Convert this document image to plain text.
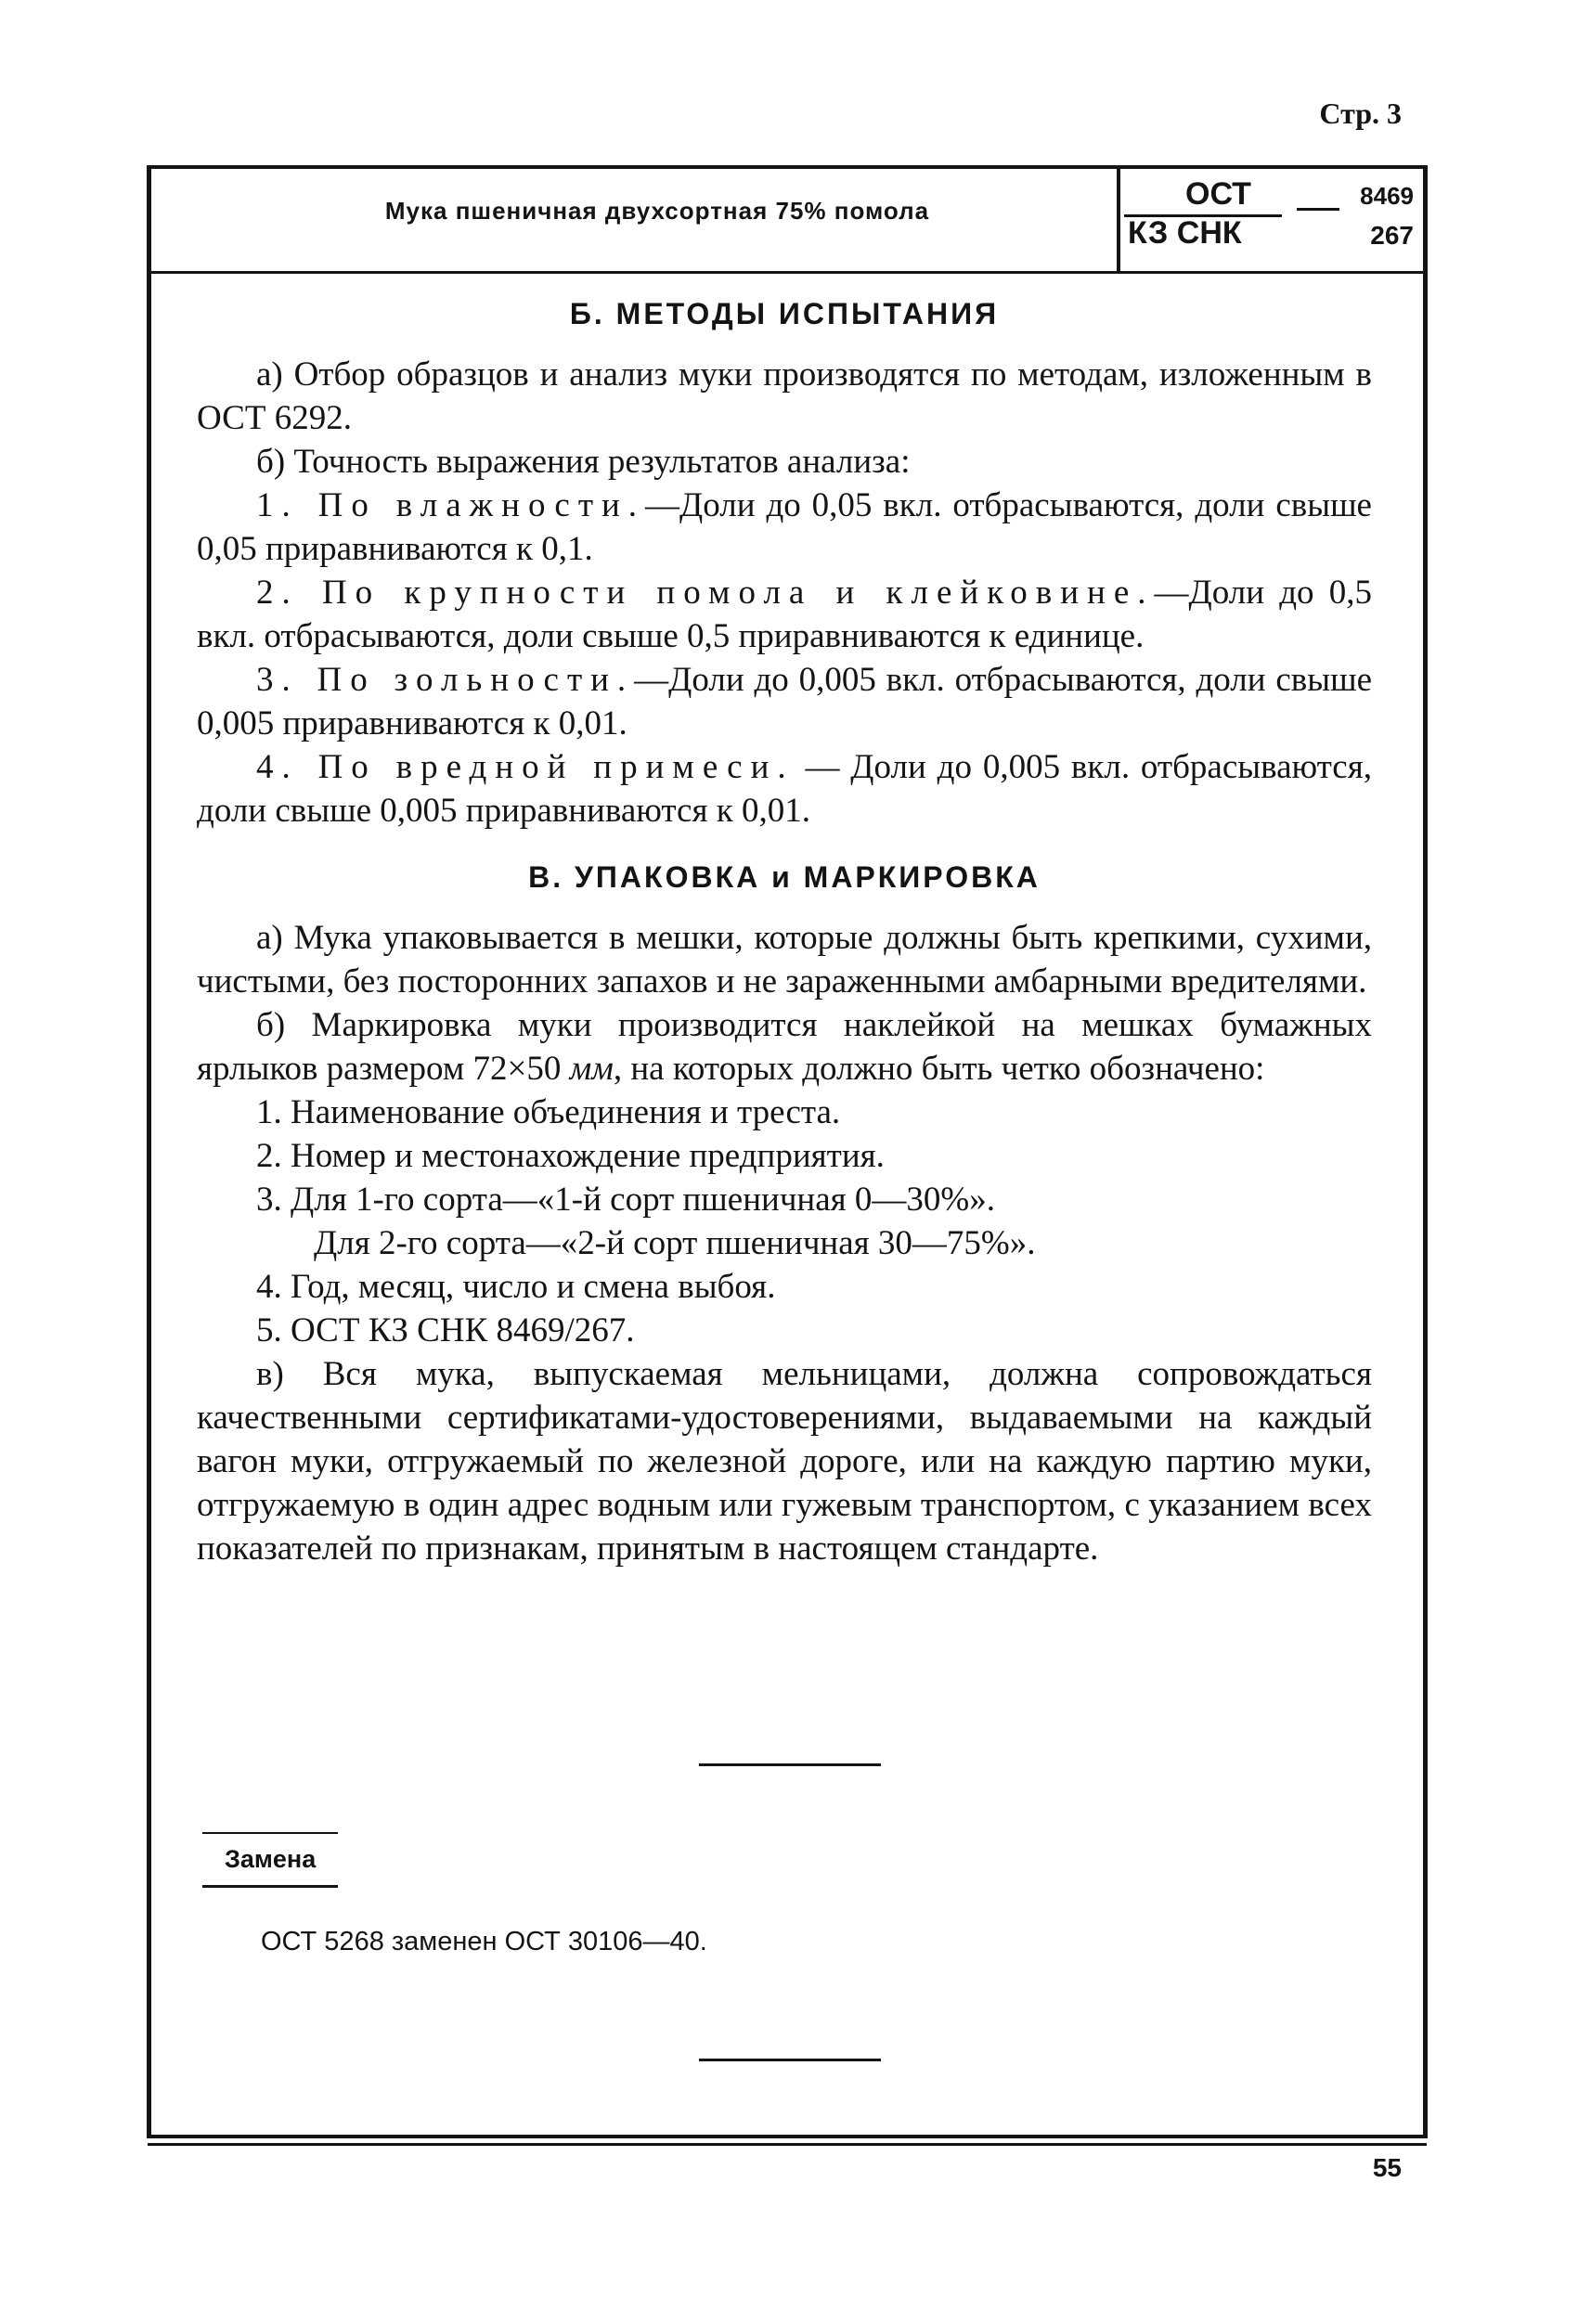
Стр. 3
Мука пшеничная двухсортная 75% помола	ОСТ
КЗ СНК
8469
267
Б. МЕТОДЫ ИСПЫТАНИЯ

а) Отбор образцов и анализ муки производятся по методам, изложенным в ОСТ 6292.

б) Точность выражения результатов анализа:

1. По влажности.—Доли до 0,05 вкл. отбрасываются, доли свыше 0,05 приравниваются к 0,1.

2. По крупности помола и клейковине.—Доли до 0,5 вкл. отбрасываются, доли свыше 0,5 приравниваются к единице.

3. По зольности.—Доли до 0,005 вкл. отбрасываются, доли свыше 0,005 приравниваются к 0,01.

4. По вредной примеси. — Доли до 0,005 вкл. отбрасываются, доли свыше 0,005 приравниваются к 0,01.

В. УПАКОВКА и МАРКИРОВКА

а) Мука упаковывается в мешки, которые должны быть крепкими, сухими, чистыми, без посторонних запахов и не зараженными амбарными вредителями.

б) Маркировка муки производится наклейкой на мешках бумажных ярлыков размером 72×50 мм, на которых должно быть четко обозначено:

1. Наименование объединения и треста.

2. Номер и местонахождение предприятия.

3. Для 1-го сорта—«1-й сорт пшеничная 0—30%».

Для 2-го сорта—«2-й сорт пшеничная 30—75%».

4. Год, месяц, число и смена выбоя.

5. ОСТ КЗ СНК 8469/267.

в) Вся мука, выпускаемая мельницами, должна сопровождаться качественными сертификатами-удостоверениями, выдаваемыми на каждый вагон муки, отгружаемый по железной дороге, или на каждую партию муки, отгружаемую в один адрес водным или гужевым транспортом, с указанием всех показателей по признакам, принятым в настоящем стандарте.

Замена
ОСТ 5268 заменен ОСТ 30106—40.
55
